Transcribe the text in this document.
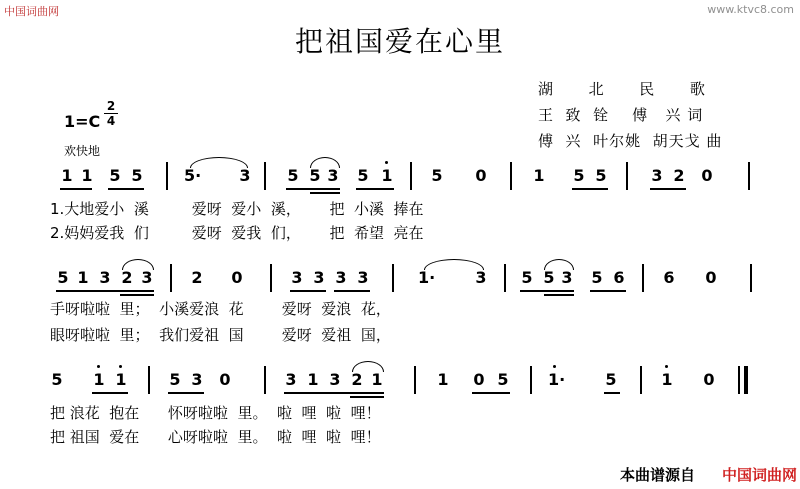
中国词曲网	www.ktvc8.com
把祖国爱在心里
湖      北      民      歌
王  致  铨    傅   兴 词
傅  兴  叶尔姚  胡天戈 曲
1=C
2
4
欢快地
1 1 5 5	5· 3 5 5 3 5 1 5 0	1 5 5	3 2 0
1.大地爱小  溪         爱呀  爱小  溪，      把  小溪  捧在
2.妈妈爱我  们         爱呀  爱我  们，      把  希望  亮在
5 1 3 2 3 2 0	3 3 3 3	1·	3 5 5 3 5 6 6 0
手呀啦啦  里；  小溪爱浪  花        爱呀  爱浪  花，
眼呀啦啦  里；  我们爱祖  国        爱呀  爱祖  国，
5 1 1	5 3 0	3 1 3 2 1	1 0 5 1·	5	1 0
把 浪花  抱在      怀呀啦啦  里。  啦  哩  啦  哩！
把 祖国  爱在      心呀啦啦  里。  啦  哩  啦  哩！
本曲谱源自 中国词曲网
